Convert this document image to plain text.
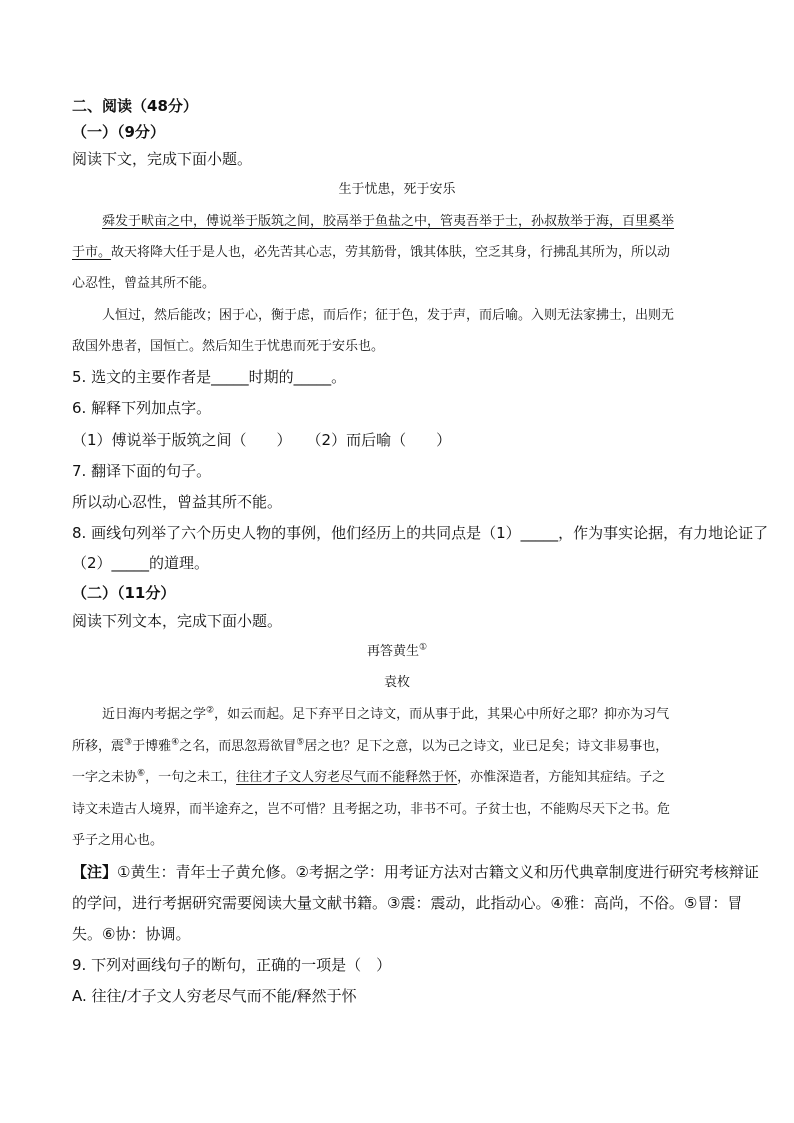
二、阅读（48分）
（一）（9分）
阅读下文，完成下面小题。
生于忧患，死于安乐
舜发于畎亩之中，傅说举于版筑之间，胶鬲举于鱼盐之中，管夷吾举于士，孙叔敖举于海，百里奚举
于市。故天将降大任于是人也，必先苦其心志，劳其筋骨，饿其体肤，空乏其身，行拂乱其所为，所以动
心忍性，曾益其所不能。
人恒过，然后能改；困于心，衡于虑，而后作；征于色，发于声，而后喻。入则无法家拂士，出则无
敌国外患者，国恒亡。然后知生于忧患而死于安乐也。
5. 选文的主要作者是_____时期的_____。
6. 解释下列加点字。
（1）傅说举于版筑之间（　　）　　（2）而后喻（　　）
7. 翻译下面的句子。
所以动心忍性，曾益其所不能。
8. 画线句列举了六个历史人物的事例，他们经历上的共同点是（1）_____，作为事实论据，有力地论证了
（2）_____的道理。
（二）（11分）
阅读下列文本，完成下面小题。
再答黄生①
袁枚
近日海内考据之学②，如云而起。足下弃平日之诗文，而从事于此，其果心中所好之耶？抑亦为习气
所移，震③于博雅④之名，而思忽焉欲冒⑤居之也？足下之意，以为己之诗文，业已足矣；诗文非易事也，
一字之未协⑥，一句之未工，往往才子文人穷老尽气而不能释然于怀，亦惟深造者，方能知其症结。子之
诗文未造古人境界，而半途弃之，岂不可惜？且考据之功，非书不可。子贫士也，不能购尽天下之书。危
乎子之用心也。
【注】①黄生：青年士子黄允修。②考据之学：用考证方法对古籍文义和历代典章制度进行研究考核辩证
的学问，进行考据研究需要阅读大量文献书籍。③震：震动，此指动心。④雅：高尚，不俗。⑤冒：冒
失。⑥协：协调。
9. 下列对画线句子的断句，正确的一项是（　）
A. 往往/才子文人穷老尽气而不能/释然于怀
